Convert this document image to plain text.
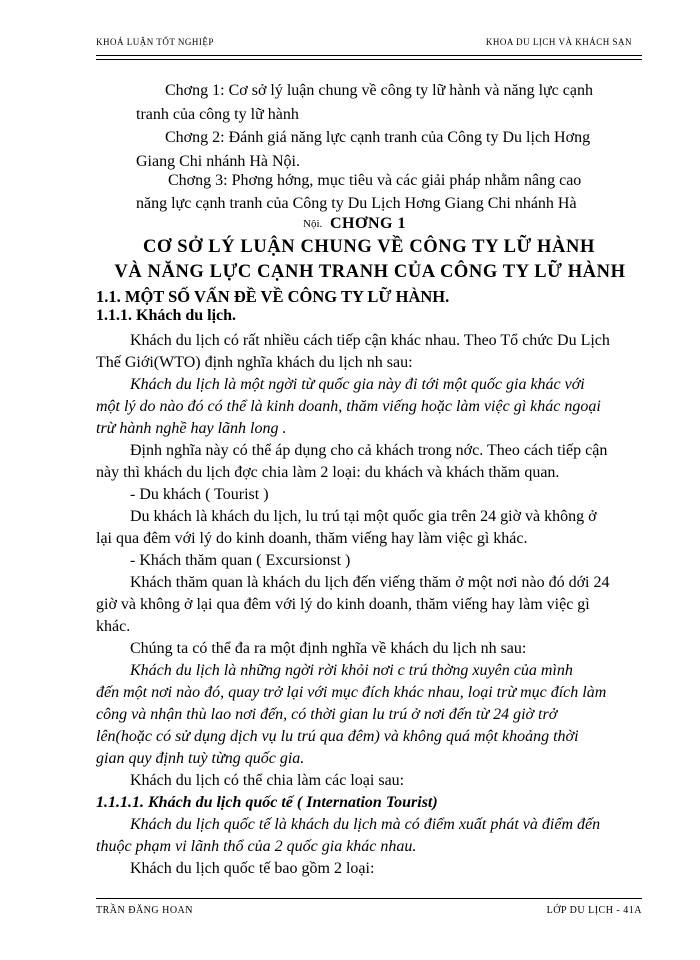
KHOÁ LUẬN TỐT NGHIỆP	KHOA DU LỊCH VÀ KHÁCH SẠN
Chơng 1: Cơ sở lý luận chung về công ty lữ hành và năng lực cạnh
tranh của công ty lữ hành
Chơng 2: Đánh giá năng lực cạnh tranh của Công ty Du lịch Hơng
Giang Chi nhánh Hà Nội.
Chơng 3: Phơng hớng, mục tiêu và các giải pháp nhằm nâng cao
năng lực cạnh tranh của Công ty Du Lịch Hơng Giang Chi nhánh Hà
Nội. CHƠNG 1
CƠ SỞ LÝ LUẬN CHUNG VỀ CÔNG TY LỮ HÀNH
VÀ NĂNG LỰC CẠNH TRANH CỦA CÔNG TY LỮ HÀNH
1.1. MỘT SỐ VẤN ĐỀ VỀ CÔNG TY LỮ HÀNH.
1.1.1. Khách du lịch.
Khách du lịch có rất nhiều cách tiếp cận khác nhau. Theo Tổ chức Du Lịch
Thế Giới(WTO) định nghĩa khách du lịch nh sau:
Khách du lịch là một ngời từ quốc gia này đi tới một quốc gia khác với
một lý do nào đó có thể là kinh doanh, thăm viếng hoặc làm việc gì khác ngoại
trừ hành nghề hay lãnh long .
Định nghĩa này có thể áp dụng cho cả khách trong nớc. Theo cách tiếp cận
này thì khách du lịch đợc chia làm 2 loại: du khách và khách thăm quan.
- Du khách ( Tourist )
Du khách là khách du lịch, lu trú tại một quốc gia trên 24 giờ và không ở
lại qua đêm với lý do kinh doanh, thăm viếng hay làm việc gì khác.
- Khách thăm quan ( Excursionst )
Khách thăm quan là khách du lịch đến viếng thăm ở một nơi nào đó dới 24
giờ và không ở lại qua đêm với lý do kinh doanh, thăm viếng hay làm việc gì
khác.
Chúng ta có thể đa ra một định nghĩa về khách du lịch nh sau:
Khách du lịch là những ngời rời khỏi nơi c trú thờng xuyên của mình
đến một nơi nào đó, quay trở lại với mục đích khác nhau, loại trừ mục đích làm
công và nhận thù lao nơi đến, có thời gian lu trú ở nơi đến từ 24 giờ trở
lên(hoặc có sử dụng dịch vụ lu trú qua đêm) và không quá một khoảng thời
gian quy định tuỳ từng quốc gia.
Khách du lịch có thể chia làm các loại sau:
1.1.1.1. Khách du lịch quốc tế ( Internation Tourist)
Khách du lịch quốc tế là khách du lịch mà có điểm xuất phát và điểm đến
thuộc phạm vi lãnh thổ của 2 quốc gia khác nhau.
Khách du lịch quốc tế bao gồm 2 loại:
TRẦN ĐĂNG HOAN	LỚP DU LỊCH - 41A
